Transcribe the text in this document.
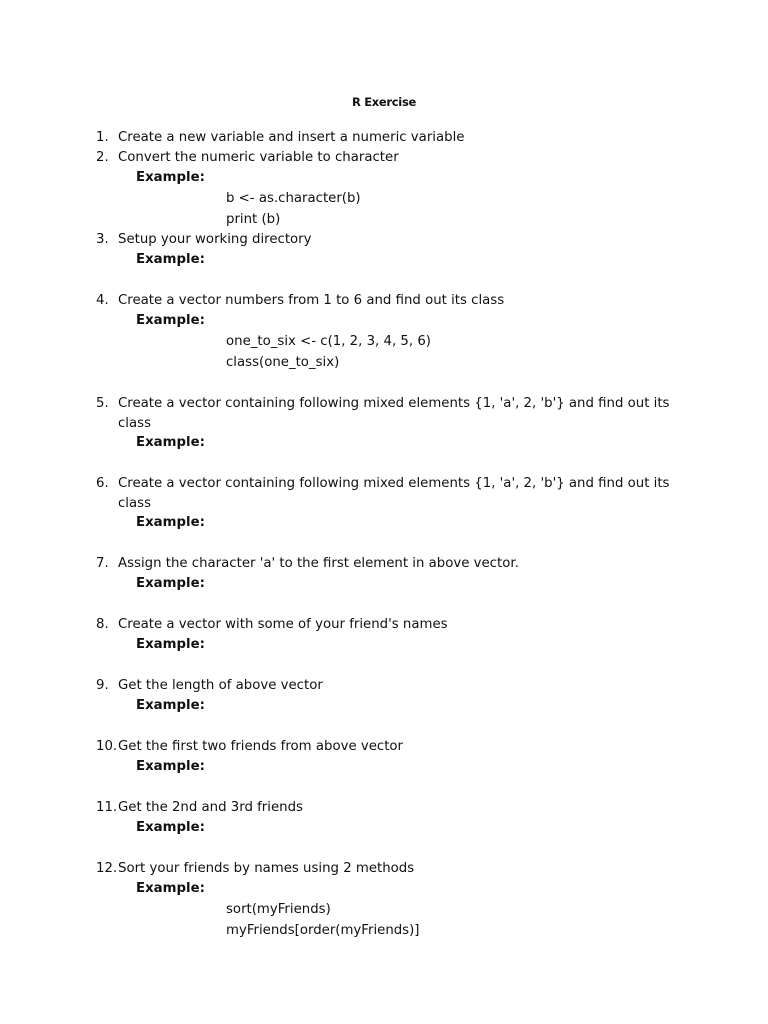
R Exercise
1. Create a new variable and insert a numeric variable
2. Convert the numeric variable to character
Example:
b <- as.character(b)
print (b)
3. Setup your working directory
Example:
4. Create a vector numbers from 1 to 6 and find out its class
Example:
one_to_six <- c(1, 2, 3, 4, 5, 6)
class(one_to_six)
5. Create a vector containing following mixed elements {1, 'a', 2, 'b'} and find out its
class
Example:
6. Create a vector containing following mixed elements {1, 'a', 2, 'b'} and find out its
class
Example:
7. Assign the character 'a' to the first element in above vector.
Example:
8. Create a vector with some of your friend's names
Example:
9. Get the length of above vector
Example:
10. Get the first two friends from above vector
Example:
11. Get the 2nd and 3rd friends
Example:
12. Sort your friends by names using 2 methods
Example:
sort(myFriends)
myFriends[order(myFriends)]
